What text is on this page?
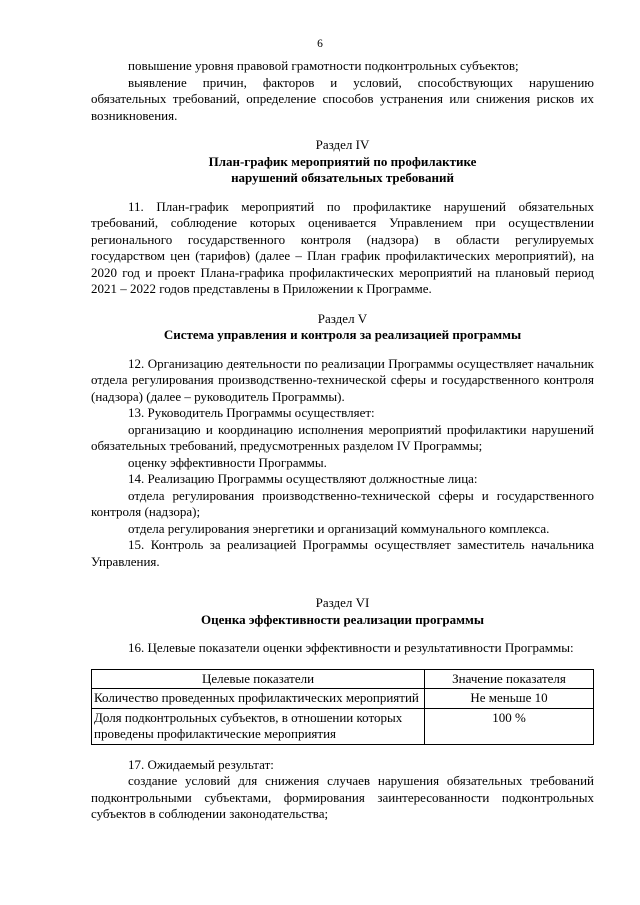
6

повышение уровня правовой грамотности подконтрольных субъектов;

выявление причин, факторов и условий, способствующих нарушению обязательных требований, определение способов устранения или снижения рисков их возникновения.

Раздел IV
План-график мероприятий по профилактике
нарушений обязательных требований

11. План-график мероприятий по профилактике нарушений обязательных требований, соблюдение которых оценивается Управлением при осуществлении регионального государственного контроля (надзора) в области регулируемых государством цен (тарифов) (далее – План график профилактических мероприятий), на 2020 год и проект Плана-графика профилактических мероприятий на плановый период 2021 – 2022 годов представлены в Приложении к Программе.

Раздел V
Система управления и контроля за реализацией программы

12. Организацию деятельности по реализации Программы осуществляет начальник отдела регулирования производственно-технической сферы и государственного контроля (надзора) (далее – руководитель Программы).

13. Руководитель Программы осуществляет:

организацию и координацию исполнения мероприятий профилактики нарушений обязательных требований, предусмотренных разделом IV Программы;

оценку эффективности Программы.

14. Реализацию Программы осуществляют должностные лица:

отдела регулирования производственно-технической сферы и государственного контроля (надзора);

отдела регулирования энергетики и организаций коммунального комплекса.

15. Контроль за реализацией Программы осуществляет заместитель начальника Управления.

Раздел VI
Оценка эффективности реализации программы

16. Целевые показатели оценки эффективности и результативности Программы:

Целевые показатели	Значение показателя
Количество проведенных профилактических мероприятий	Не меньше 10
Доля подконтрольных субъектов, в отношении которых проведены профилактические мероприятия	100 %

17. Ожидаемый результат:

создание условий для снижения случаев нарушения обязательных требований подконтрольными субъектами, формирования заинтересованности подконтрольных субъектов в соблюдении законодательства;
